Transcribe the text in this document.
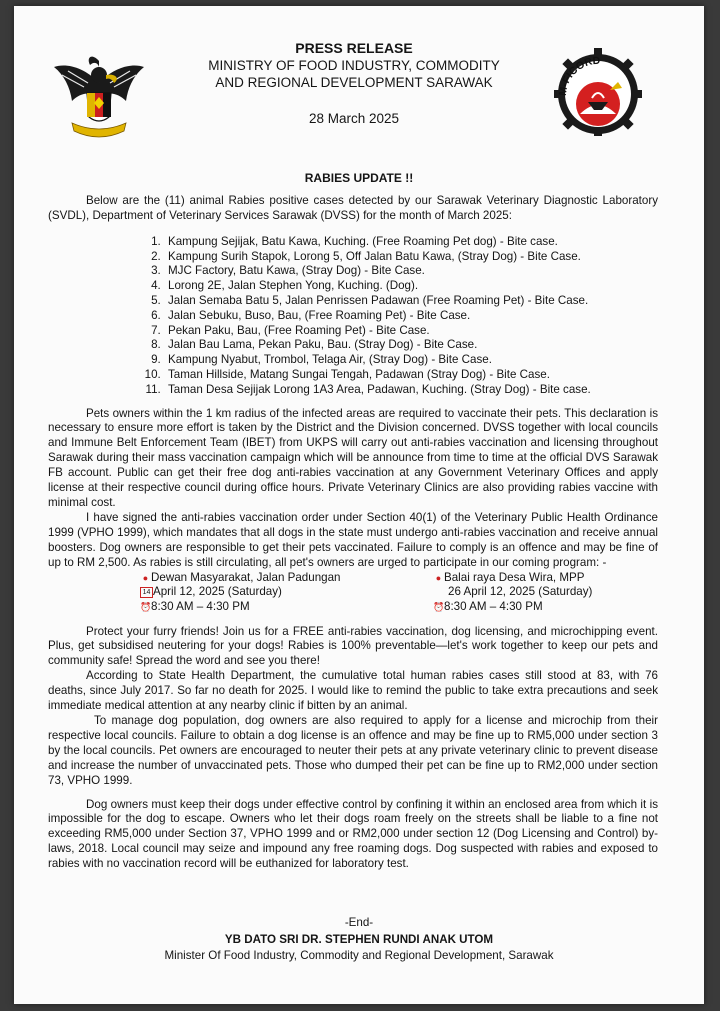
PRESS RELEASE
MINISTRY OF FOOD INDUSTRY, COMMODITY
AND REGIONAL DEVELOPMENT SARAWAK
28 March 2025
M-FICORD
RABIES UPDATE !!

Below are the (11) animal Rabies positive cases detected by our Sarawak Veterinary Diagnostic Laboratory (SVDL), Department of Veterinary Services Sarawak (DVSS) for the month of March 2025:

1. Kampung Sejijak, Batu Kawa, Kuching. (Free Roaming Pet dog) - Bite case.
2. Kampung Surih Stapok, Lorong 5, Off Jalan Batu Kawa, (Stray Dog) - Bite Case.
3. MJC Factory, Batu Kawa, (Stray Dog) - Bite Case.
4. Lorong 2E, Jalan Stephen Yong, Kuching. (Dog).
5. Jalan Semaba Batu 5, Jalan Penrissen Padawan (Free Roaming Pet) - Bite Case.
6. Jalan Sebuku, Buso, Bau, (Free Roaming Pet) - Bite Case.
7. Pekan Paku, Bau, (Free Roaming Pet) - Bite Case.
8. Jalan Bau Lama, Pekan Paku, Bau. (Stray Dog) - Bite Case.
9. Kampung Nyabut, Trombol, Telaga Air, (Stray Dog) - Bite Case.
10. Taman Hillside, Matang Sungai Tengah, Padawan (Stray Dog) - Bite Case.
11. Taman Desa Sejijak Lorong 1A3 Area, Padawan, Kuching. (Stray Dog) - Bite case.

Pets owners within the 1 km radius of the infected areas are required to vaccinate their pets. This declaration is necessary to ensure more effort is taken by the District and the Division concerned. DVSS together with local councils and Immune Belt Enforcement Team (IBET) from UKPS will carry out anti-rabies vaccination and licensing throughout Sarawak during their mass vaccination campaign which will be announce from time to time at the official DVS Sarawak FB account. Public can get their free dog anti-rabies vaccination at any Government Veterinary Offices and apply license at their respective council during office hours. Private Veterinary Clinics are also providing rabies vaccine with minimal cost.

I have signed the anti-rabies vaccination order under Section 40(1) of the Veterinary Public Health Ordinance 1999 (VPHO 1999), which mandates that all dogs in the state must undergo anti-rabies vaccination and receive annual boosters. Dog owners are responsible to get their pets vaccinated. Failure to comply is an offence and may be fine of up to RM 2,500. As rabies is still circulating, all pet's owners are urged to participate in our coming program: -

● Dewan Masyarakat, Jalan Padungan
14 April 12, 2025 (Saturday)
⏰8:30 AM – 4:30 PM
● Balai raya Desa Wira, MPP
26 April 12, 2025 (Saturday)
⏰8:30 AM – 4:30 PM

Protect your furry friends! Join us for a FREE anti-rabies vaccination, dog licensing, and microchipping event. Plus, get subsidised neutering for your dogs! Rabies is 100% preventable—let's work together to keep our pets and community safe! Spread the word and see you there!

According to State Health Department, the cumulative total human rabies cases still stood at 83, with 76 deaths, since July 2017. So far no death for 2025. I would like to remind the public to take extra precautions and seek immediate medical attention at any nearby clinic if bitten by an animal.

To manage dog population, dog owners are also required to apply for a license and microchip from their respective local councils. Failure to obtain a dog license is an offence and may be fine up to RM5,000 under section 3 by the local councils. Pet owners are encouraged to neuter their pets at any private veterinary clinic to prevent disease and increase the number of unvaccinated pets. Those who dumped their pet can be fine up to RM2,000 under section 73, VPHO 1999.

Dog owners must keep their dogs under effective control by confining it within an enclosed area from which it is impossible for the dog to escape. Owners who let their dogs roam freely on the streets shall be liable to a fine not exceeding RM5,000 under Section 37, VPHO 1999 and or RM2,000 under section 12 (Dog Licensing and Control) by-laws, 2018. Local council may seize and impound any free roaming dogs. Dog suspected with rabies and exposed to rabies with no vaccination record will be euthanized for laboratory test.

-End-
YB DATO SRI DR. STEPHEN RUNDI ANAK UTOM
Minister Of Food Industry, Commodity and Regional Development, Sarawak
